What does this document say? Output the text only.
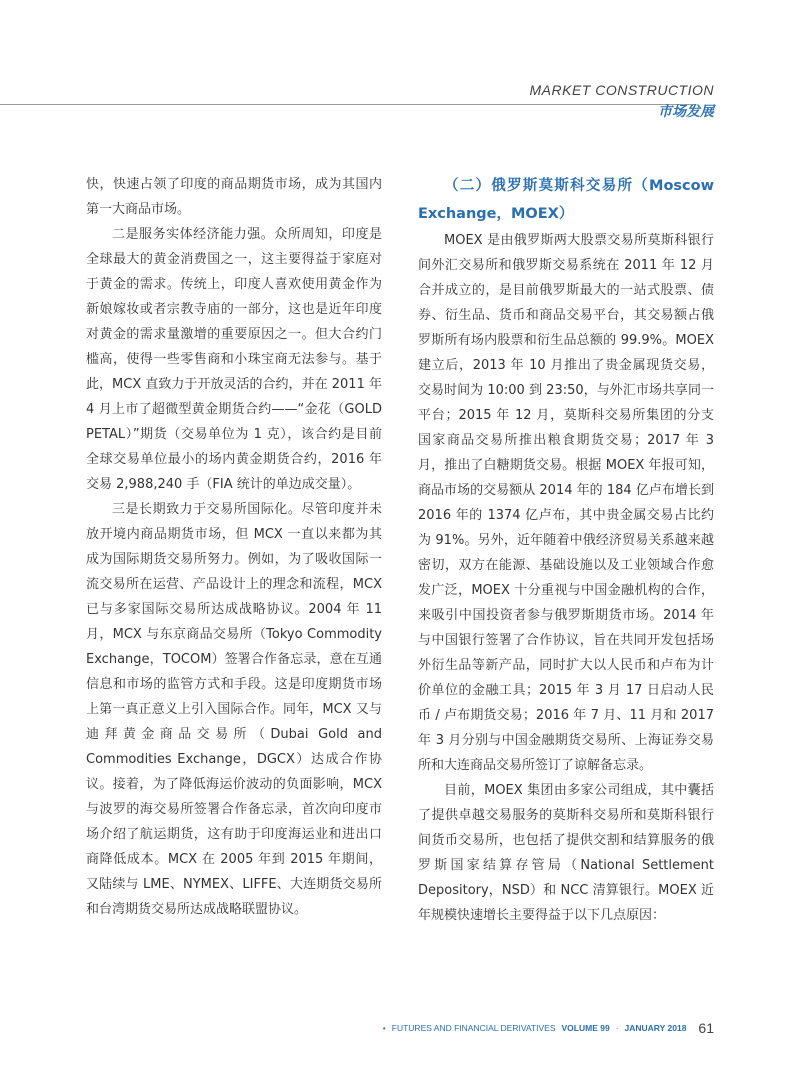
MARKET CONSTRUCTION
市场发展

快，快速占领了印度的商品期货市场，成为其国内第一大商品市场。

二是服务实体经济能力强。众所周知，印度是全球最大的黄金消费国之一，这主要得益于家庭对于黄金的需求。传统上，印度人喜欢使用黄金作为新娘嫁妆或者宗教寺庙的一部分，这也是近年印度对黄金的需求量激增的重要原因之一。但大合约门槛高，使得一些零售商和小珠宝商无法参与。基于此，MCX 直致力于开放灵活的合约，并在 2011 年 4 月上市了超微型黄金期货合约——“金花（GOLD PETAL）”期货（交易单位为 1 克），该合约是目前全球交易单位最小的场内黄金期货合约，2016 年交易 2,988,240 手（FIA 统计的单边成交量）。

三是长期致力于交易所国际化。尽管印度并未放开境内商品期货市场，但 MCX 一直以来都为其成为国际期货交易所努力。例如，为了吸收国际一流交易所在运营、产品设计上的理念和流程，MCX 已与多家国际交易所达成战略协议。2004 年 11 月，MCX 与东京商品交易所（Tokyo Commodity Exchange，TOCOM）签署合作备忘录，意在互通信息和市场的监管方式和手段。这是印度期货市场上第一真正意义上引入国际合作。同年，MCX 又与迪拜黄金商品交易所（Dubai Gold and Commodities Exchange，DGCX）达成合作协议。接着，为了降低海运价波动的负面影响，MCX 与波罗的海交易所签署合作备忘录，首次向印度市场介绍了航运期货，这有助于印度海运业和进出口商降低成本。MCX 在 2005 年到 2015 年期间，又陆续与 LME、NYMEX、LIFFE、大连期货交易所和台湾期货交易所达成战略联盟协议。

（二）俄罗斯莫斯科交易所（Moscow Exchange，MOEX）

MOEX 是由俄罗斯两大股票交易所莫斯科银行间外汇交易所和俄罗斯交易系统在 2011 年 12 月合并成立的，是目前俄罗斯最大的一站式股票、债券、衍生品、货币和商品交易平台，其交易额占俄罗斯所有场内股票和衍生品总额的 99.9%。MOEX 建立后，2013 年 10 月推出了贵金属现货交易，交易时间为 10:00 到 23:50，与外汇市场共享同一平台；2015 年 12 月，莫斯科交易所集团的分支国家商品交易所推出粮食期货交易；2017 年 3 月，推出了白糖期货交易。根据 MOEX 年报可知，商品市场的交易额从 2014 年的 184 亿卢布增长到 2016 年的 1374 亿卢布，其中贵金属交易占比约为 91%。另外，近年随着中俄经济贸易关系越来越密切，双方在能源、基础设施以及工业领域合作愈发广泛，MOEX 十分重视与中国金融机构的合作，来吸引中国投资者参与俄罗斯期货市场。2014 年与中国银行签署了合作协议，旨在共同开发包括场外衍生品等新产品，同时扩大以人民币和卢布为计价单位的金融工具；2015 年 3 月 17 日启动人民币 / 卢布期货交易；2016 年 7 月、11 月和 2017 年 3 月分别与中国金融期货交易所、上海证券交易所和大连商品交易所签订了谅解备忘录。

目前，MOEX 集团由多家公司组成，其中囊括了提供卓越交易服务的莫斯科交易所和莫斯科银行间货币交易所，也包括了提供交割和结算服务的俄罗斯国家结算存管局（National Settlement Depository，NSD）和 NCC 清算银行。MOEX 近年规模快速增长主要得益于以下几点原因：

• FUTURES AND FINANCIAL DERIVATIVES VOLUME 99 · JANUARY 2018 61
